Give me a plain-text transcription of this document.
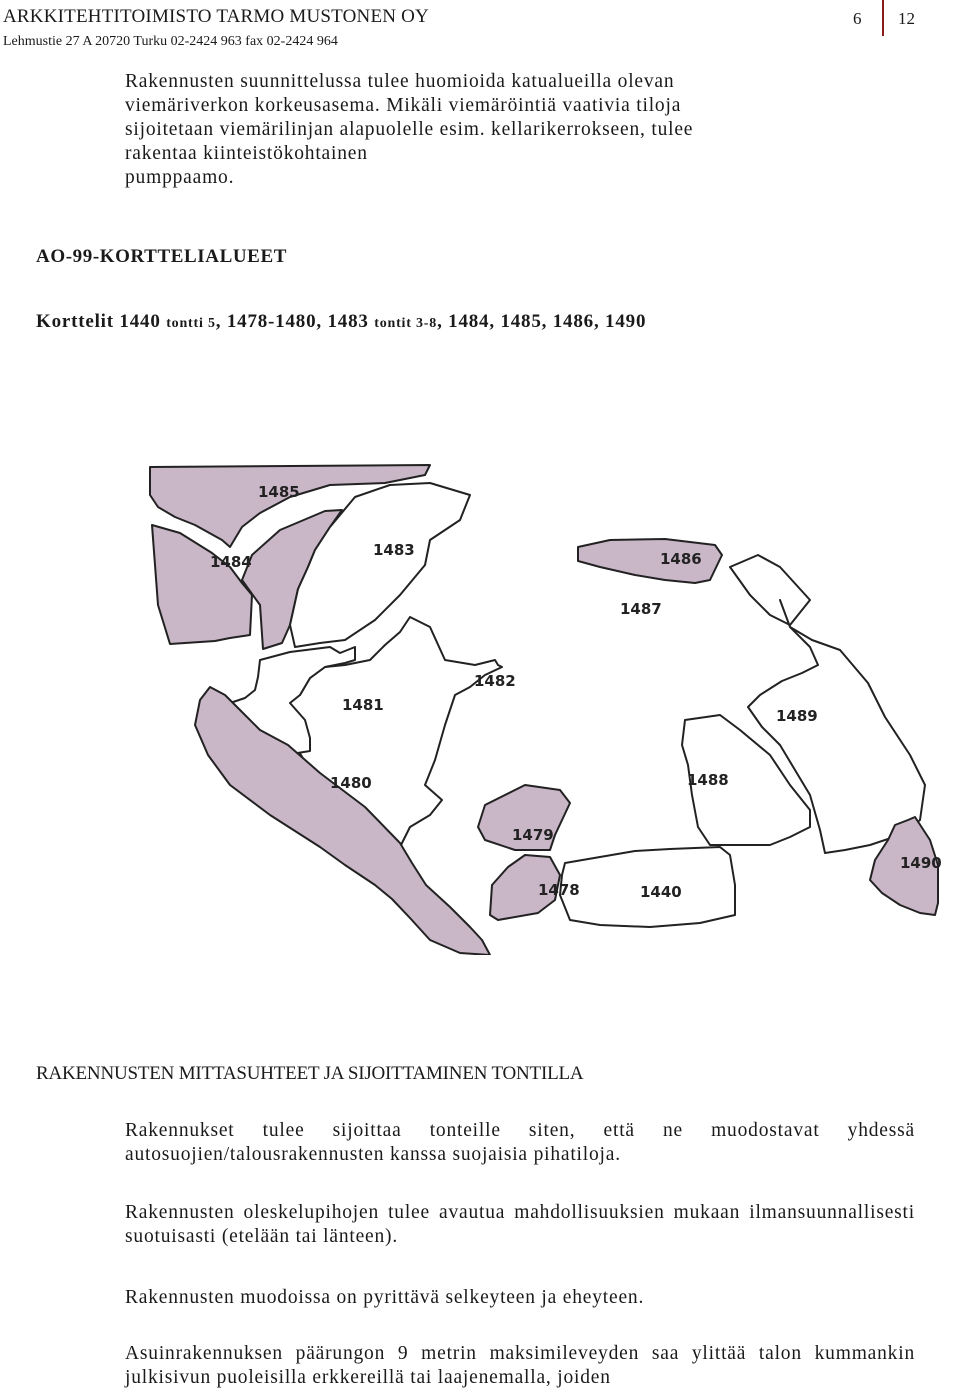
ARKKITEHTITOIMISTO TARMO MUSTONEN OY
Lehmustie 27 A 20720 Turku 02-2424 963 fax 02-2424 964
6 12
Rakennusten suunnittelussa tulee huomioida katualueilla olevan
viemäriverkon korkeusasema. Mikäli viemäröintiä vaativia tiloja
sijoitetaan viemärilinjan alapuolelle esim. kellarikerrokseen, tulee
rakentaa kiinteistökohtainen
pumppaamo.
AO-99-KORTTELIALUEET
Korttelit 1440 tontti 5, 1478-1480, 1483 tontit 3-8, 1484, 1485, 1486, 1490
1485
1484
1483	1486
1487
1482
1481
1489
1480	1488
1479
1490
1478	1440
RAKENNUSTEN MITTASUHTEET JA SIJOITTAMINEN TONTILLA
Rakennukset tulee sijoittaa tonteille siten, että ne muodostavat yhdessä autosuojien/talousrakennusten kanssa suojaisia pihatiloja.
Rakennusten oleskelupihojen tulee avautua mahdollisuuksien mukaan ilmansuunnallisesti suotuisasti (etelään tai länteen).
Rakennusten muodoissa on pyrittävä selkeyteen ja eheyteen.
Asuinrakennuksen päärungon 9 metrin maksimileveyden saa ylittää talon kummankin julkisivun puoleisilla erkkereillä tai laajenemalla, joiden
